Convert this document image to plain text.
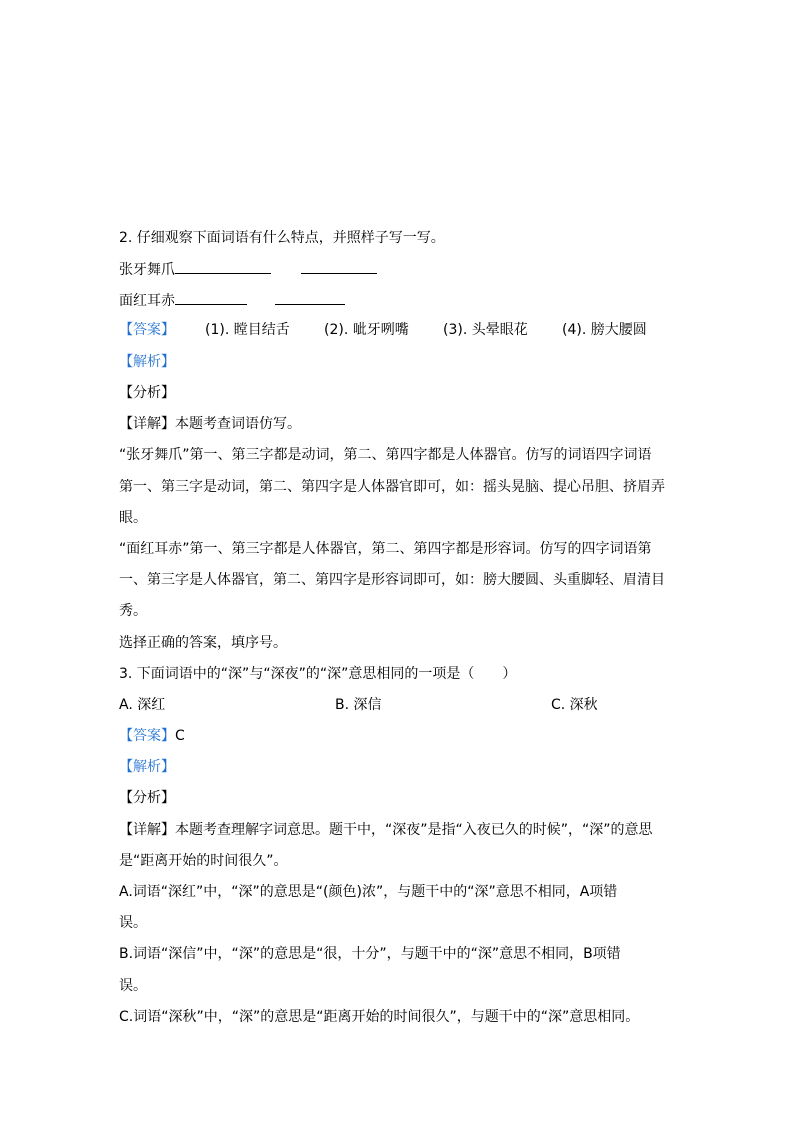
2. 仔细观察下面词语有什么特点，并照样子写一写。
张牙舞爪
面红耳赤
【答案】 (1). 瞠目结舌 (2). 呲牙咧嘴 (3). 头晕眼花 (4). 膀大腰圆
【解析】
【分析】
【详解】本题考查词语仿写。
“张牙舞爪”第一、第三字都是动词，第二、第四字都是人体器官。仿写的词语四字词语
第一、第三字是动词，第二、第四字是人体器官即可，如：摇头晃脑、提心吊胆、挤眉弄
眼。
“面红耳赤”第一、第三字都是人体器官，第二、第四字都是形容词。仿写的四字词语第
一、第三字是人体器官，第二、第四字是形容词即可，如：膀大腰圆、头重脚轻、眉清目
秀。
选择正确的答案，填序号。
3. 下面词语中的“深”与“深夜”的“深”意思相同的一项是（　　）
A. 深红	B. 深信	C. 深秋
【答案】C
【解析】
【分析】
【详解】本题考查理解字词意思。题干中，“深夜”是指“入夜已久的时候”，“深”的意思
是“距离开始的时间很久”。
A.词语“深红”中，“深”的意思是“(颜色)浓”，与题干中的“深”意思不相同，A项错
误。
B.词语“深信”中，“深”的意思是“很，十分”，与题干中的“深”意思不相同，B项错
误。
C.词语“深秋”中，“深”的意思是“距离开始的时间很久”，与题干中的“深”意思相同。
